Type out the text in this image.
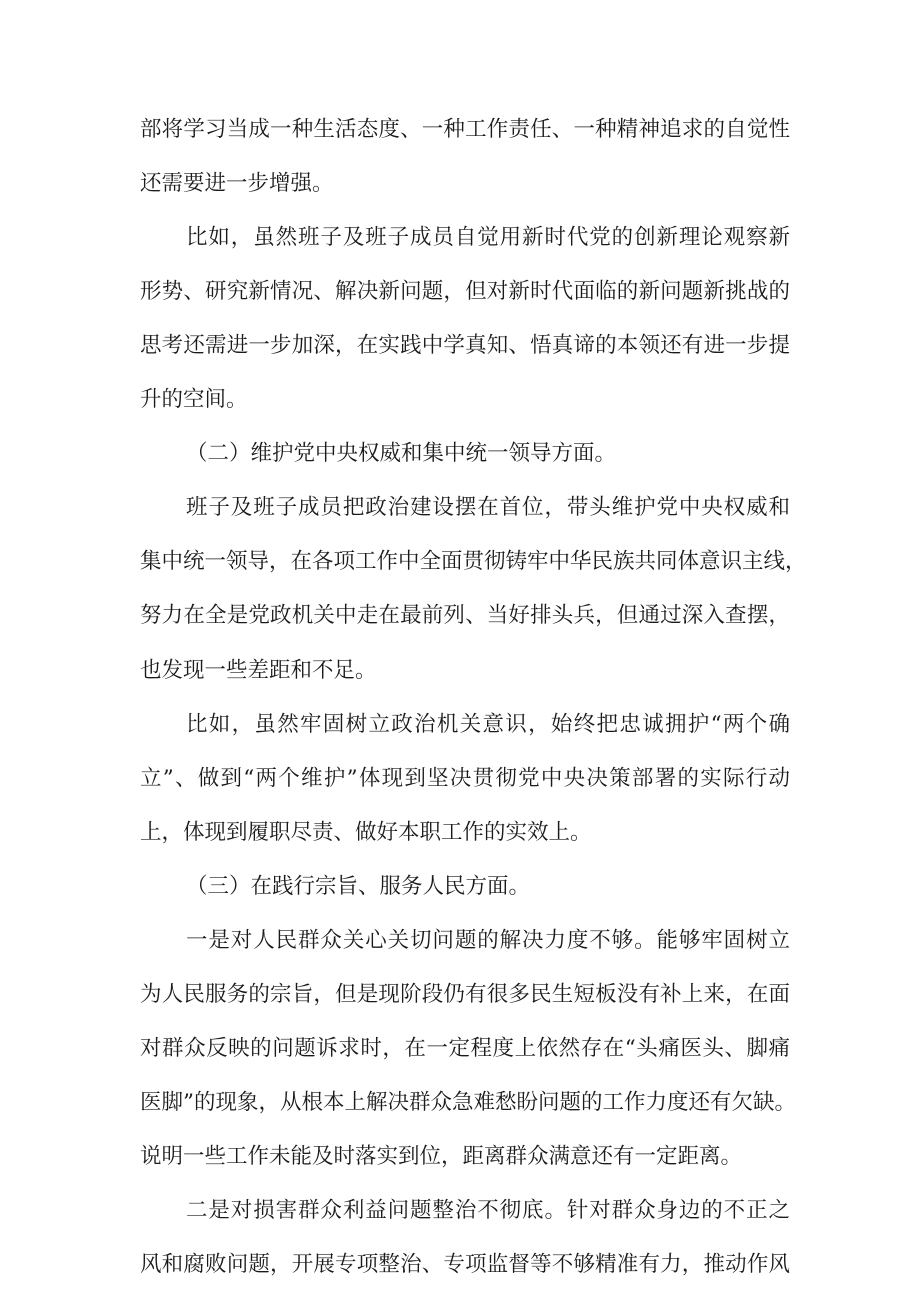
部将学习当成一种生活态度、一种工作责任、一种精神追求的自觉性
还需要进一步增强。
比如，虽然班子及班子成员自觉用新时代党的创新理论观察新
形势、研究新情况、解决新问题，但对新时代面临的新问题新挑战的
思考还需进一步加深，在实践中学真知、悟真谛的本领还有进一步提
升的空间。
（二）维护党中央权威和集中统一领导方面。
班子及班子成员把政治建设摆在首位，带头维护党中央权威和
集中统一领导，在各项工作中全面贯彻铸牢中华民族共同体意识主线，
努力在全是党政机关中走在最前列、当好排头兵，但通过深入查摆，
也发现一些差距和不足。
比如，虽然牢固树立政治机关意识，始终把忠诚拥护“两个确
立”、做到“两个维护”体现到坚决贯彻党中央决策部署的实际行动
上，体现到履职尽责、做好本职工作的实效上。
（三）在践行宗旨、服务人民方面。
一是对人民群众关心关切问题的解决力度不够。能够牢固树立
为人民服务的宗旨，但是现阶段仍有很多民生短板没有补上来，在面
对群众反映的问题诉求时，在一定程度上依然存在“头痛医头、脚痛
医脚”的现象，从根本上解决群众急难愁盼问题的工作力度还有欠缺。
说明一些工作未能及时落实到位，距离群众满意还有一定距离。
二是对损害群众利益问题整治不彻底。针对群众身边的不正之
风和腐败问题，开展专项整治、专项监督等不够精准有力，推动作风
